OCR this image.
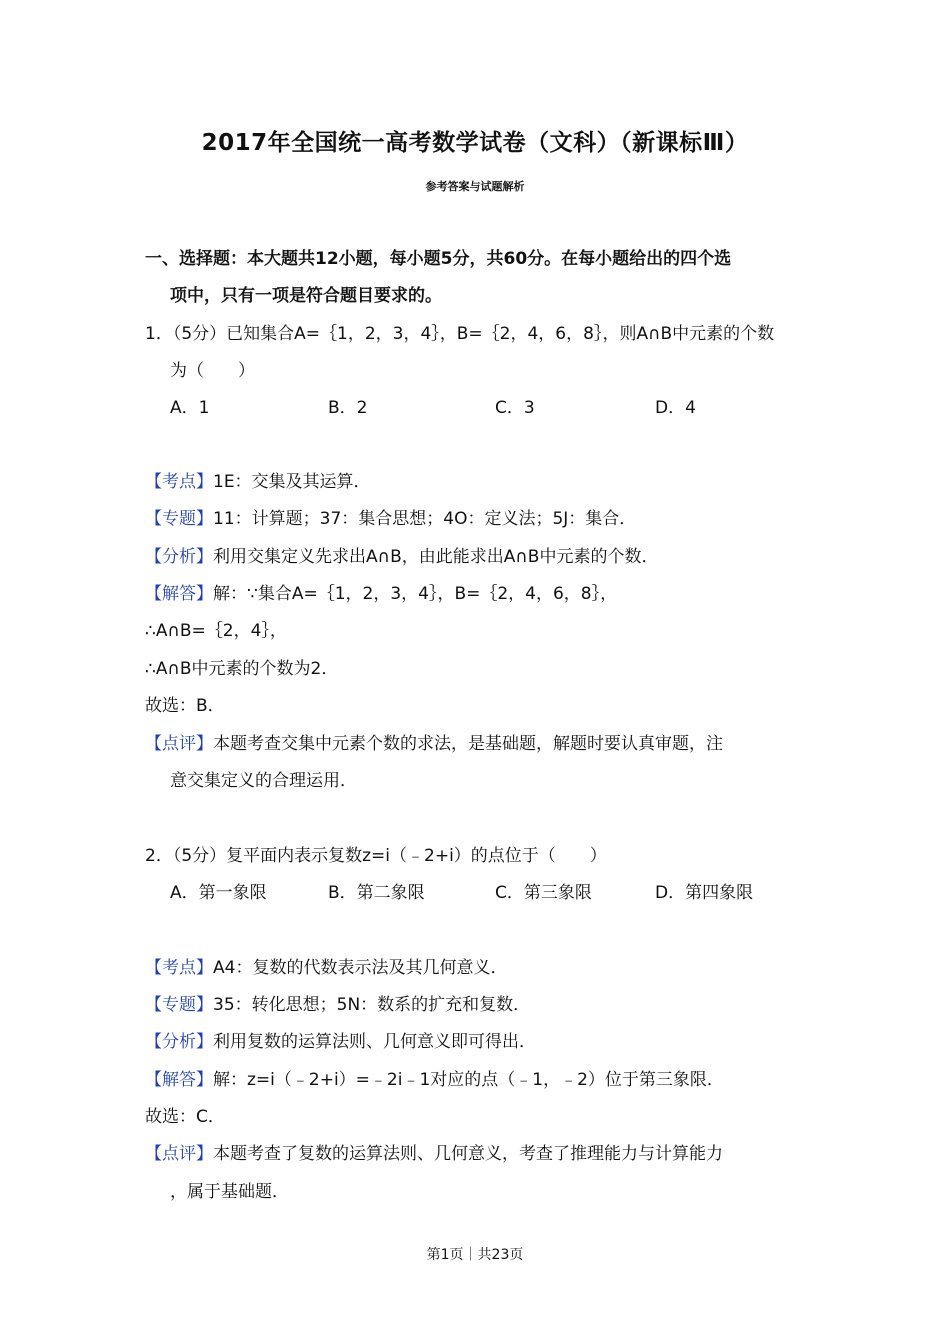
2017年全国统一高考数学试卷（文科）（新课标Ⅲ）
参考答案与试题解析
一、选择题：本大题共12小题，每小题5分，共60分。在每小题给出的四个选
项中，只有一项是符合题目要求的。
1．（5分）已知集合A=｛1，2，3，4｝，B=｛2，4，6，8｝，则A∩B中元素的个数
为（　　）
A．1	B．2	C．3	D．4
【考点】1E：交集及其运算．
【专题】11：计算题；37：集合思想；4O：定义法；5J：集合．
【分析】利用交集定义先求出A∩B，由此能求出A∩B中元素的个数．
【解答】解：∵集合A=｛1，2，3，4｝，B=｛2，4，6，8｝，
∴A∩B=｛2，4｝，
∴A∩B中元素的个数为2．
故选：B．
【点评】本题考查交集中元素个数的求法，是基础题，解题时要认真审题，注
意交集定义的合理运用．
2．（5分）复平面内表示复数z=i（﹣2+i）的点位于（　　）
A．第一象限	B．第二象限	C．第三象限	D．第四象限
【考点】A4：复数的代数表示法及其几何意义．
【专题】35：转化思想；5N：数系的扩充和复数．
【分析】利用复数的运算法则、几何意义即可得出．
【解答】解：z=i（﹣2+i）=﹣2i﹣1对应的点（﹣1，﹣2）位于第三象限．
故选：C．
【点评】本题考查了复数的运算法则、几何意义，考查了推理能力与计算能力
，属于基础题．
第1页｜共23页
